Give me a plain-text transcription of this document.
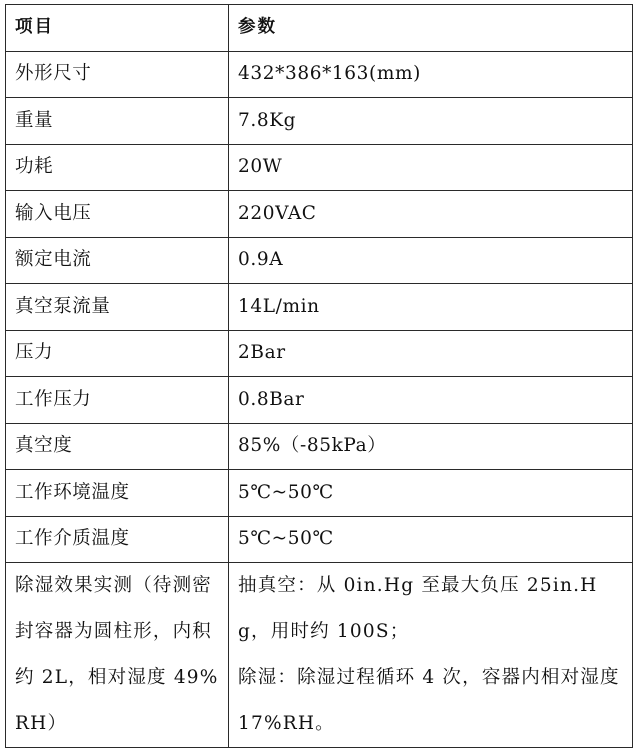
项目	参数
外形尺寸	432*386*163(mm)
重量	7.8Kg
功耗	20W
输入电压	220VAC
额定电流	0.9A
真空泵流量	14L/min
压力	2Bar
工作压力	0.8Bar
真空度	85%（-85kPa）
工作环境温度	5℃~50℃
工作介质温度	5℃~50℃
除湿效果实测（待测密封容器为圆柱形，内积约 2L，相对湿度 49%RH）	抽真空：从 0in.Hg 至最大负压 25in.Hg，用时约 100S；
除湿：除湿过程循环 4 次，容器内相对湿度 17%RH。
